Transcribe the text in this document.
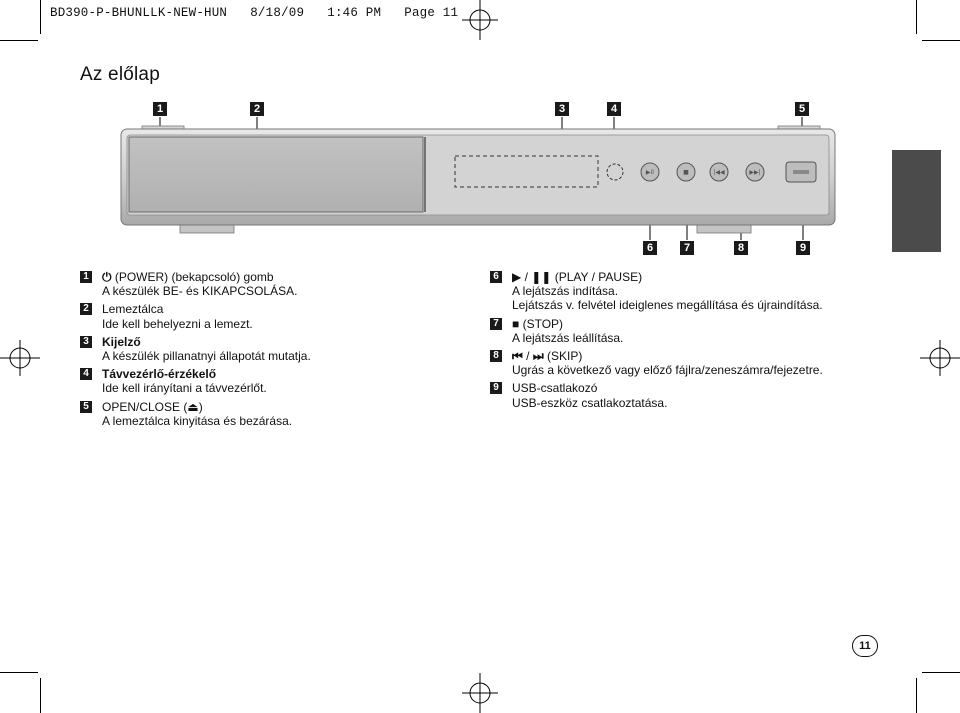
BD390-P-BHUNLLK-NEW-HUN   8/18/09   1:46 PM   Page 11
Az előlap
1	2	3	4	5
6	7	8	9
▶II	■	|◀◀	▶▶|
1 ⏻ (POWER) (bekapcsoló) gomb
A készülék BE- és KIKAPCSOLÁSA.
2 Lemeztálca
Ide kell behelyezni a lemezt.
3 Kijelző
A készülék pillanatnyi állapotát mutatja.
4 Távvezérlő-érzékelő
Ide kell irányítani a távvezérlőt.
5 OPEN/CLOSE (⏏)
A lemeztálca kinyitása és bezárása.
6 ▶ / ❚❚ (PLAY / PAUSE)
A lejátszás indítása.
Lejátszás v. felvétel ideiglenes megállítása és újraindítása.
7 ■ (STOP)
A lejátszás leállítása.
8 ⏮ / ⏭ (SKIP)
Ugrás a következő vagy előző fájlra/zeneszámra/fejezetre.
9 USB-csatlakozó
USB-eszköz csatlakoztatása.
11
